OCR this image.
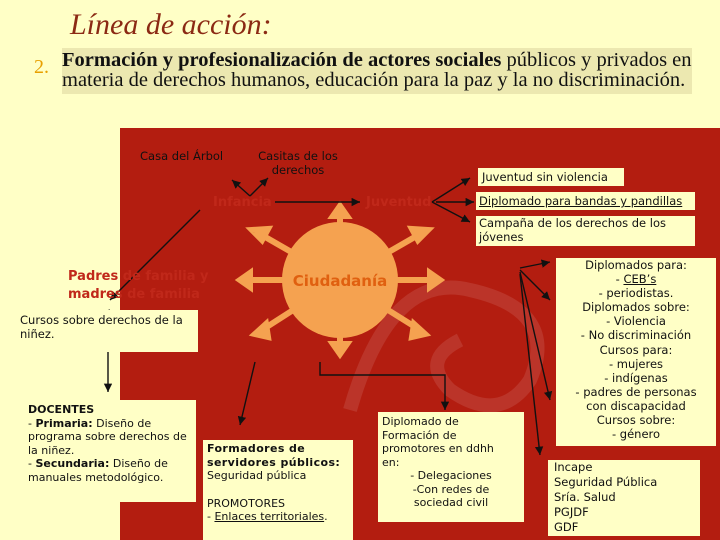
Línea de acción:
2. Formación y profesionalización de actores sociales públicos y privados en materia de derechos humanos, educación para la paz y la no discriminación.
Casa del Árbol	Casitas de los derechos	Juventud sin violencia
Diplomado para bandas y pandillas
Campaña de los derechos de los jóvenes
Infancia	Juventud
Padres de familia y madres de familia
Ciudadanía
Cursos sobre derechos de la niñez.
DOCENTES
- Primaria: Diseño de programa sobre derechos de la niñez.
- Secundaria: Diseño de manuales metodológico.
Formadores de servidores públicos:
Seguridad pública
PROMOTORES
- Enlaces territoriales.
Diplomado de
Formación de
promotores en ddhh
en:
- Delegaciones
-Con redes de
sociedad civil
Diplomados para:
- CEB’s
- periodistas.
Diplomados sobre:
- Violencia
- No discriminación
Cursos para:
- mujeres
- indígenas
- padres de personas
con discapacidad
Cursos sobre:
- género
Incape
Seguridad Pública
Sría. Salud
PGJDF
GDF
